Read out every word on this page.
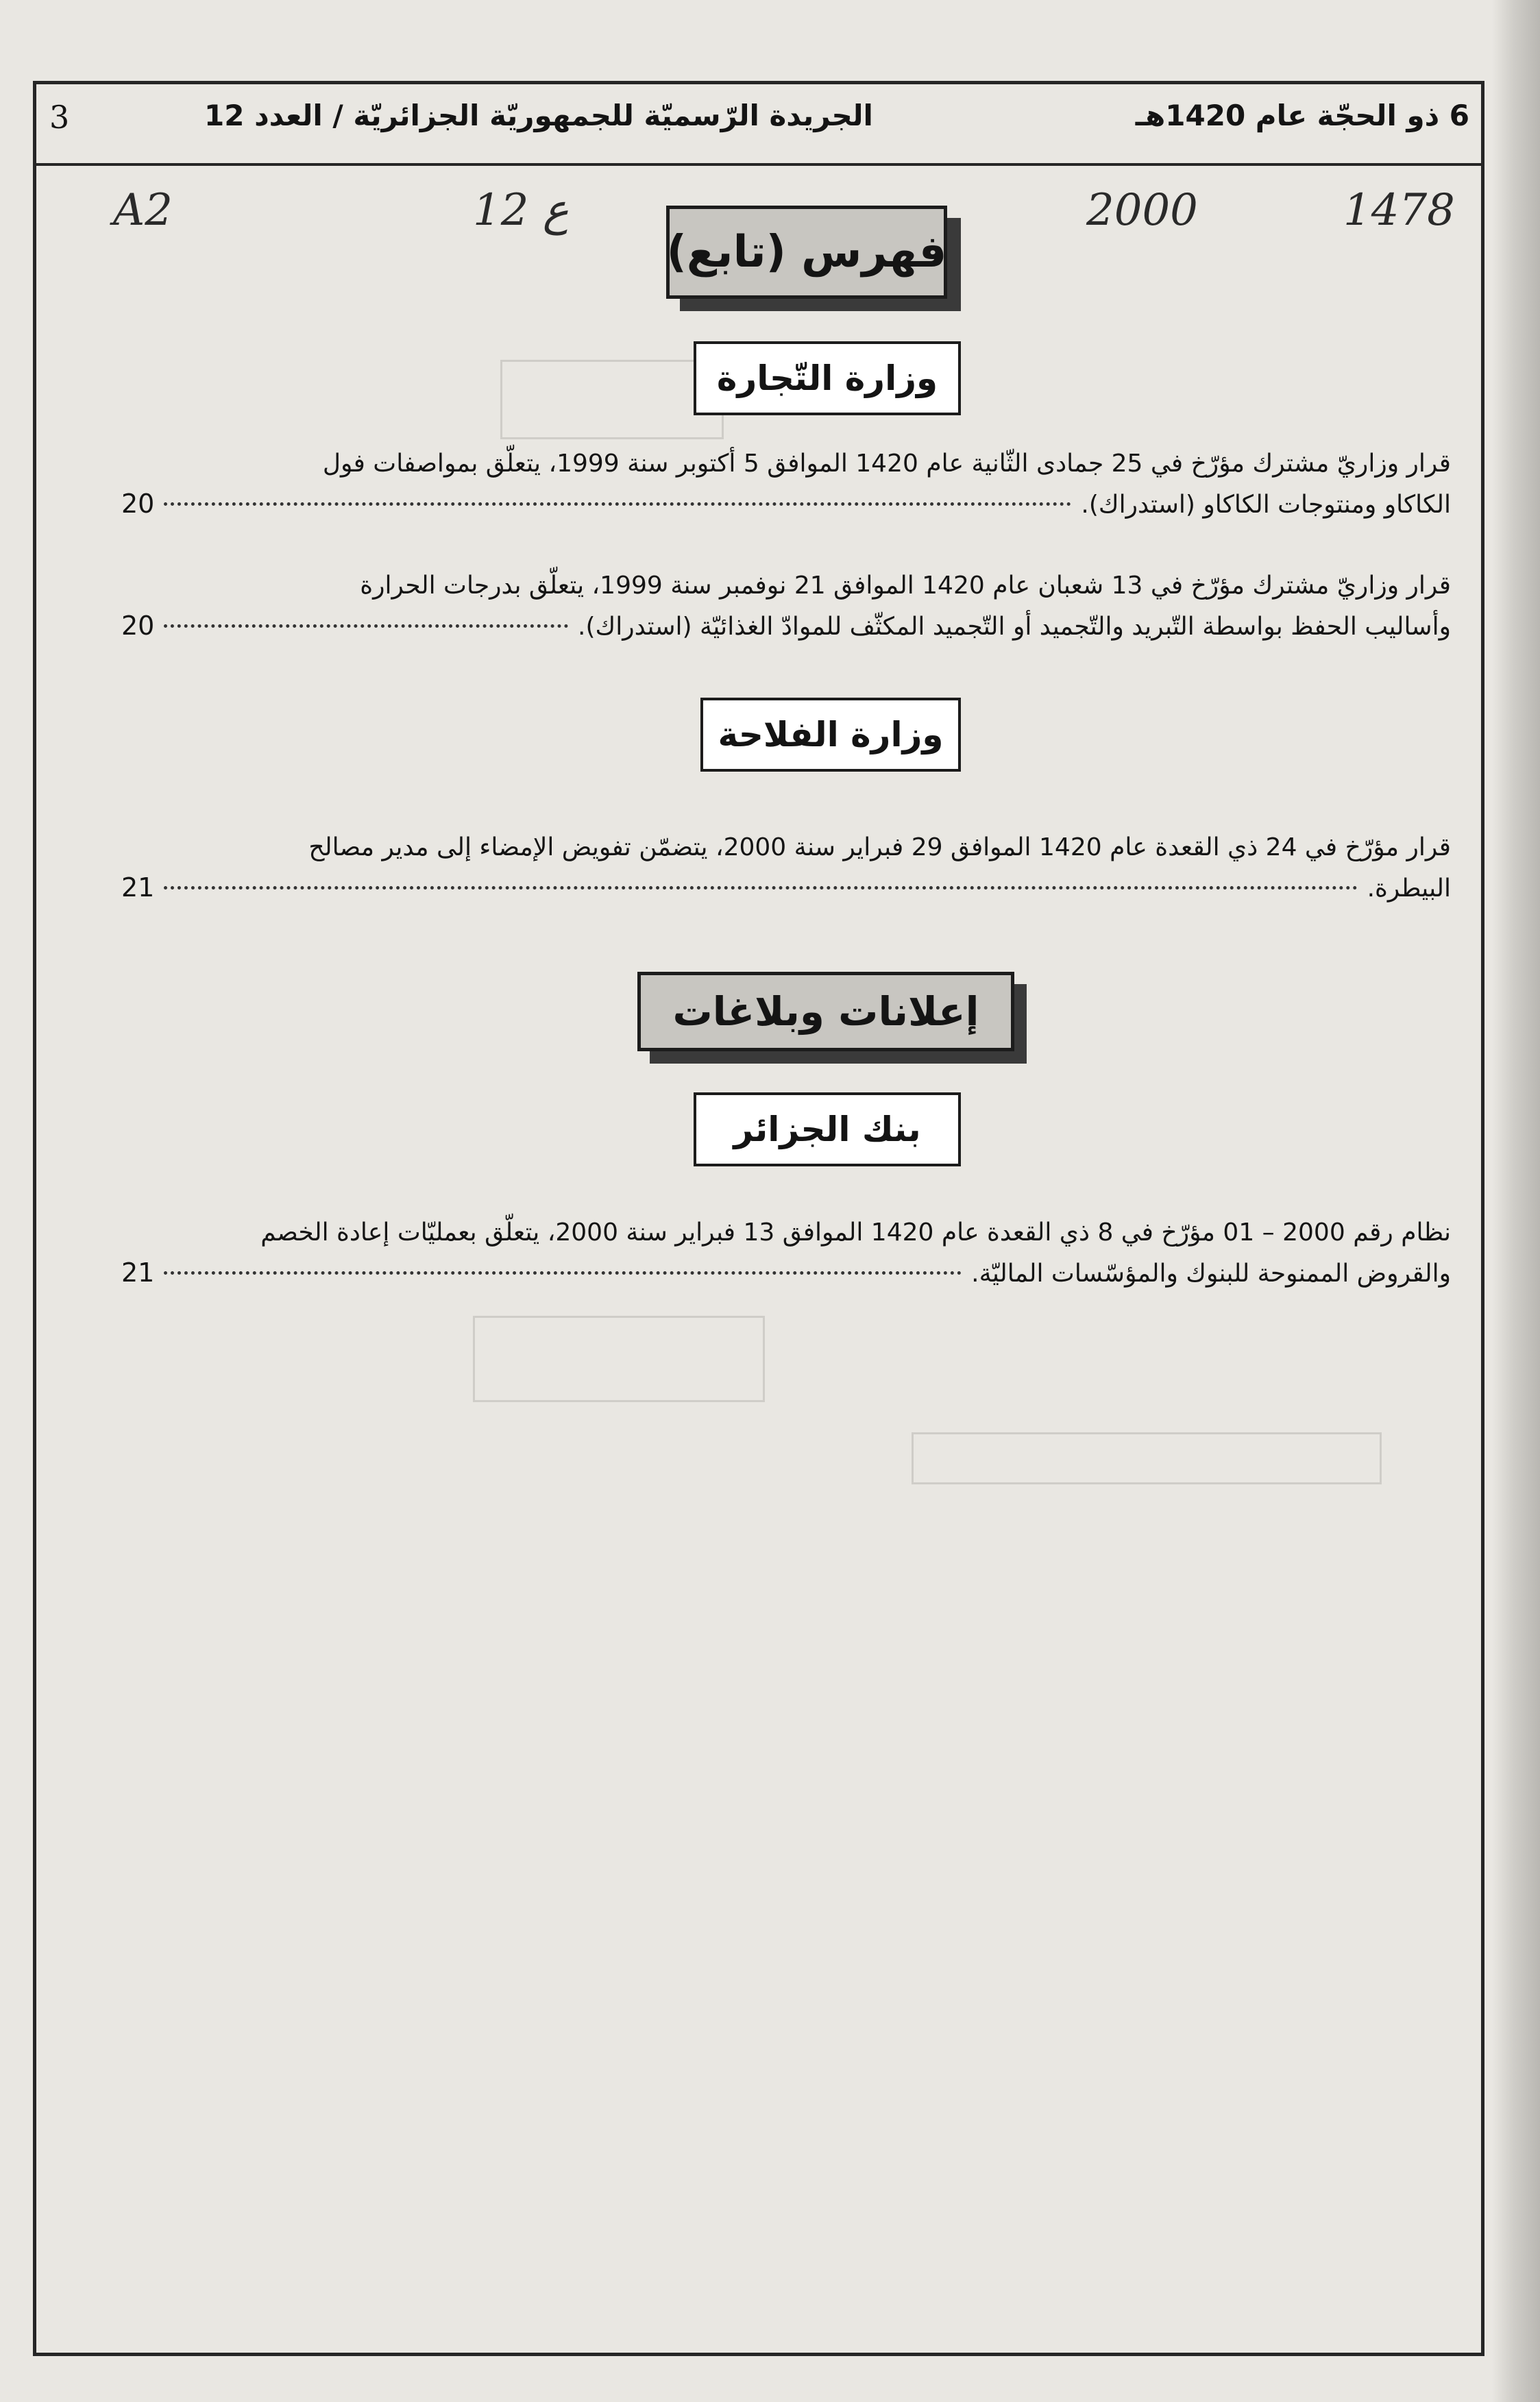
3	الجريدة الرّسميّة للجمهوريّة الجزائريّة / العدد 12	6 ذو الحجّة عام 1420هـ
A2	12 ع	2000	1478
فهرس (تابع)
وزارة التّجارة
قرار وزاريّ مشترك مؤرّخ في 25 جمادى الثّانية عام 1420 الموافق 5 أكتوبر سنة 1999، يتعلّق بمواصفات فول
الكاكاو ومنتوجات الكاكاو (استدراك).
20
قرار وزاريّ مشترك مؤرّخ في 13 شعبان عام 1420 الموافق 21 نوفمبر سنة 1999، يتعلّق بدرجات الحرارة
وأساليب الحفظ بواسطة التّبريد والتّجميد أو التّجميد المكثّف للموادّ الغذائيّة (استدراك).
20
وزارة الفلاحة
قرار مؤرّخ في 24 ذي القعدة عام 1420 الموافق 29 فبراير سنة 2000، يتضمّن تفويض الإمضاء إلى مدير مصالح
البيطرة.
21
إعلانات وبلاغات
بنك الجزائر
نظام رقم 2000 – 01 مؤرّخ في 8 ذي القعدة عام 1420 الموافق 13 فبراير سنة 2000، يتعلّق بعمليّات إعادة الخصم
والقروض الممنوحة للبنوك والمؤسّسات الماليّة.
21
